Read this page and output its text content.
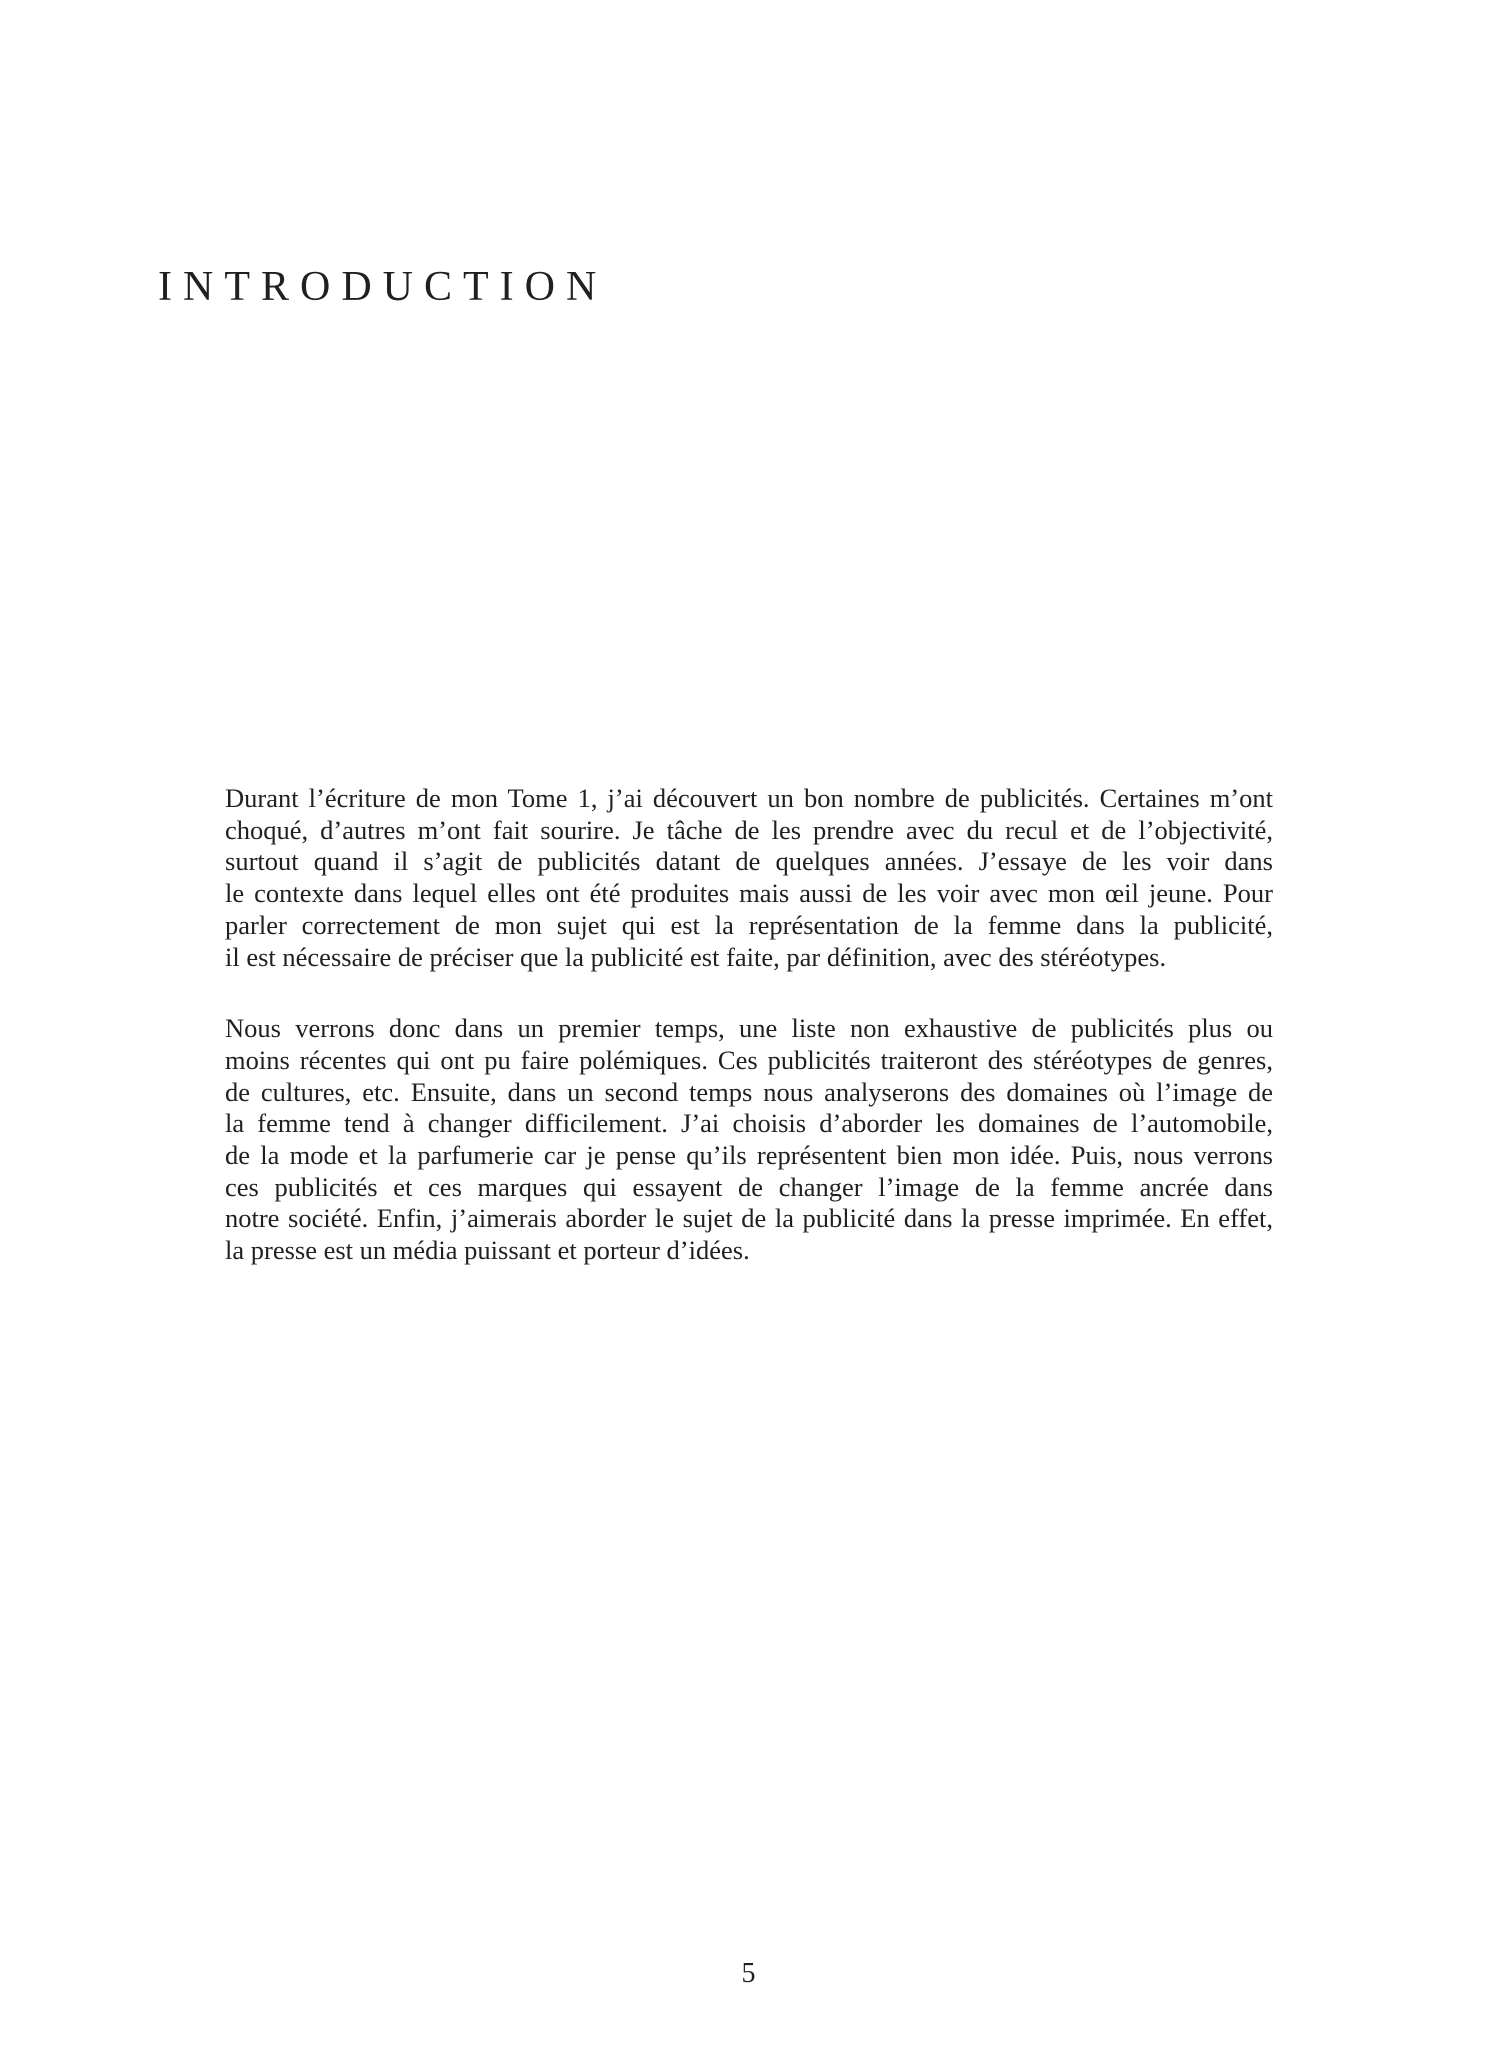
INTRODUCTION

Durant l’écriture de mon Tome 1, j’ai découvert un bon nombre de publicités. Certaines m’ont
choqué, d’autres m’ont fait sourire. Je tâche de les prendre avec du recul et de l’objectivité,
surtout quand il s’agit de publicités datant de quelques années. J’essaye de les voir dans
le contexte dans lequel elles ont été produites mais aussi de les voir avec mon œil jeune. Pour
parler correctement de mon sujet qui est la représentation de la femme dans la publicité,
il est nécessaire de préciser que la publicité est faite, par définition, avec des stéréotypes.

Nous verrons donc dans un premier temps, une liste non exhaustive de publicités plus ou
moins récentes qui ont pu faire polémiques. Ces publicités traiteront des stéréotypes de genres,
de cultures, etc. Ensuite, dans un second temps nous analyserons des domaines où l’image de
la femme tend à changer difficilement. J’ai choisis d’aborder les domaines de l’automobile,
de la mode et la parfumerie car je pense qu’ils représentent bien mon idée. Puis, nous verrons
ces publicités et ces marques qui essayent de changer l’image de la femme ancrée dans
notre société. Enfin, j’aimerais aborder le sujet de la publicité dans la presse imprimée. En effet,
la presse est un média puissant et porteur d’idées.

5
